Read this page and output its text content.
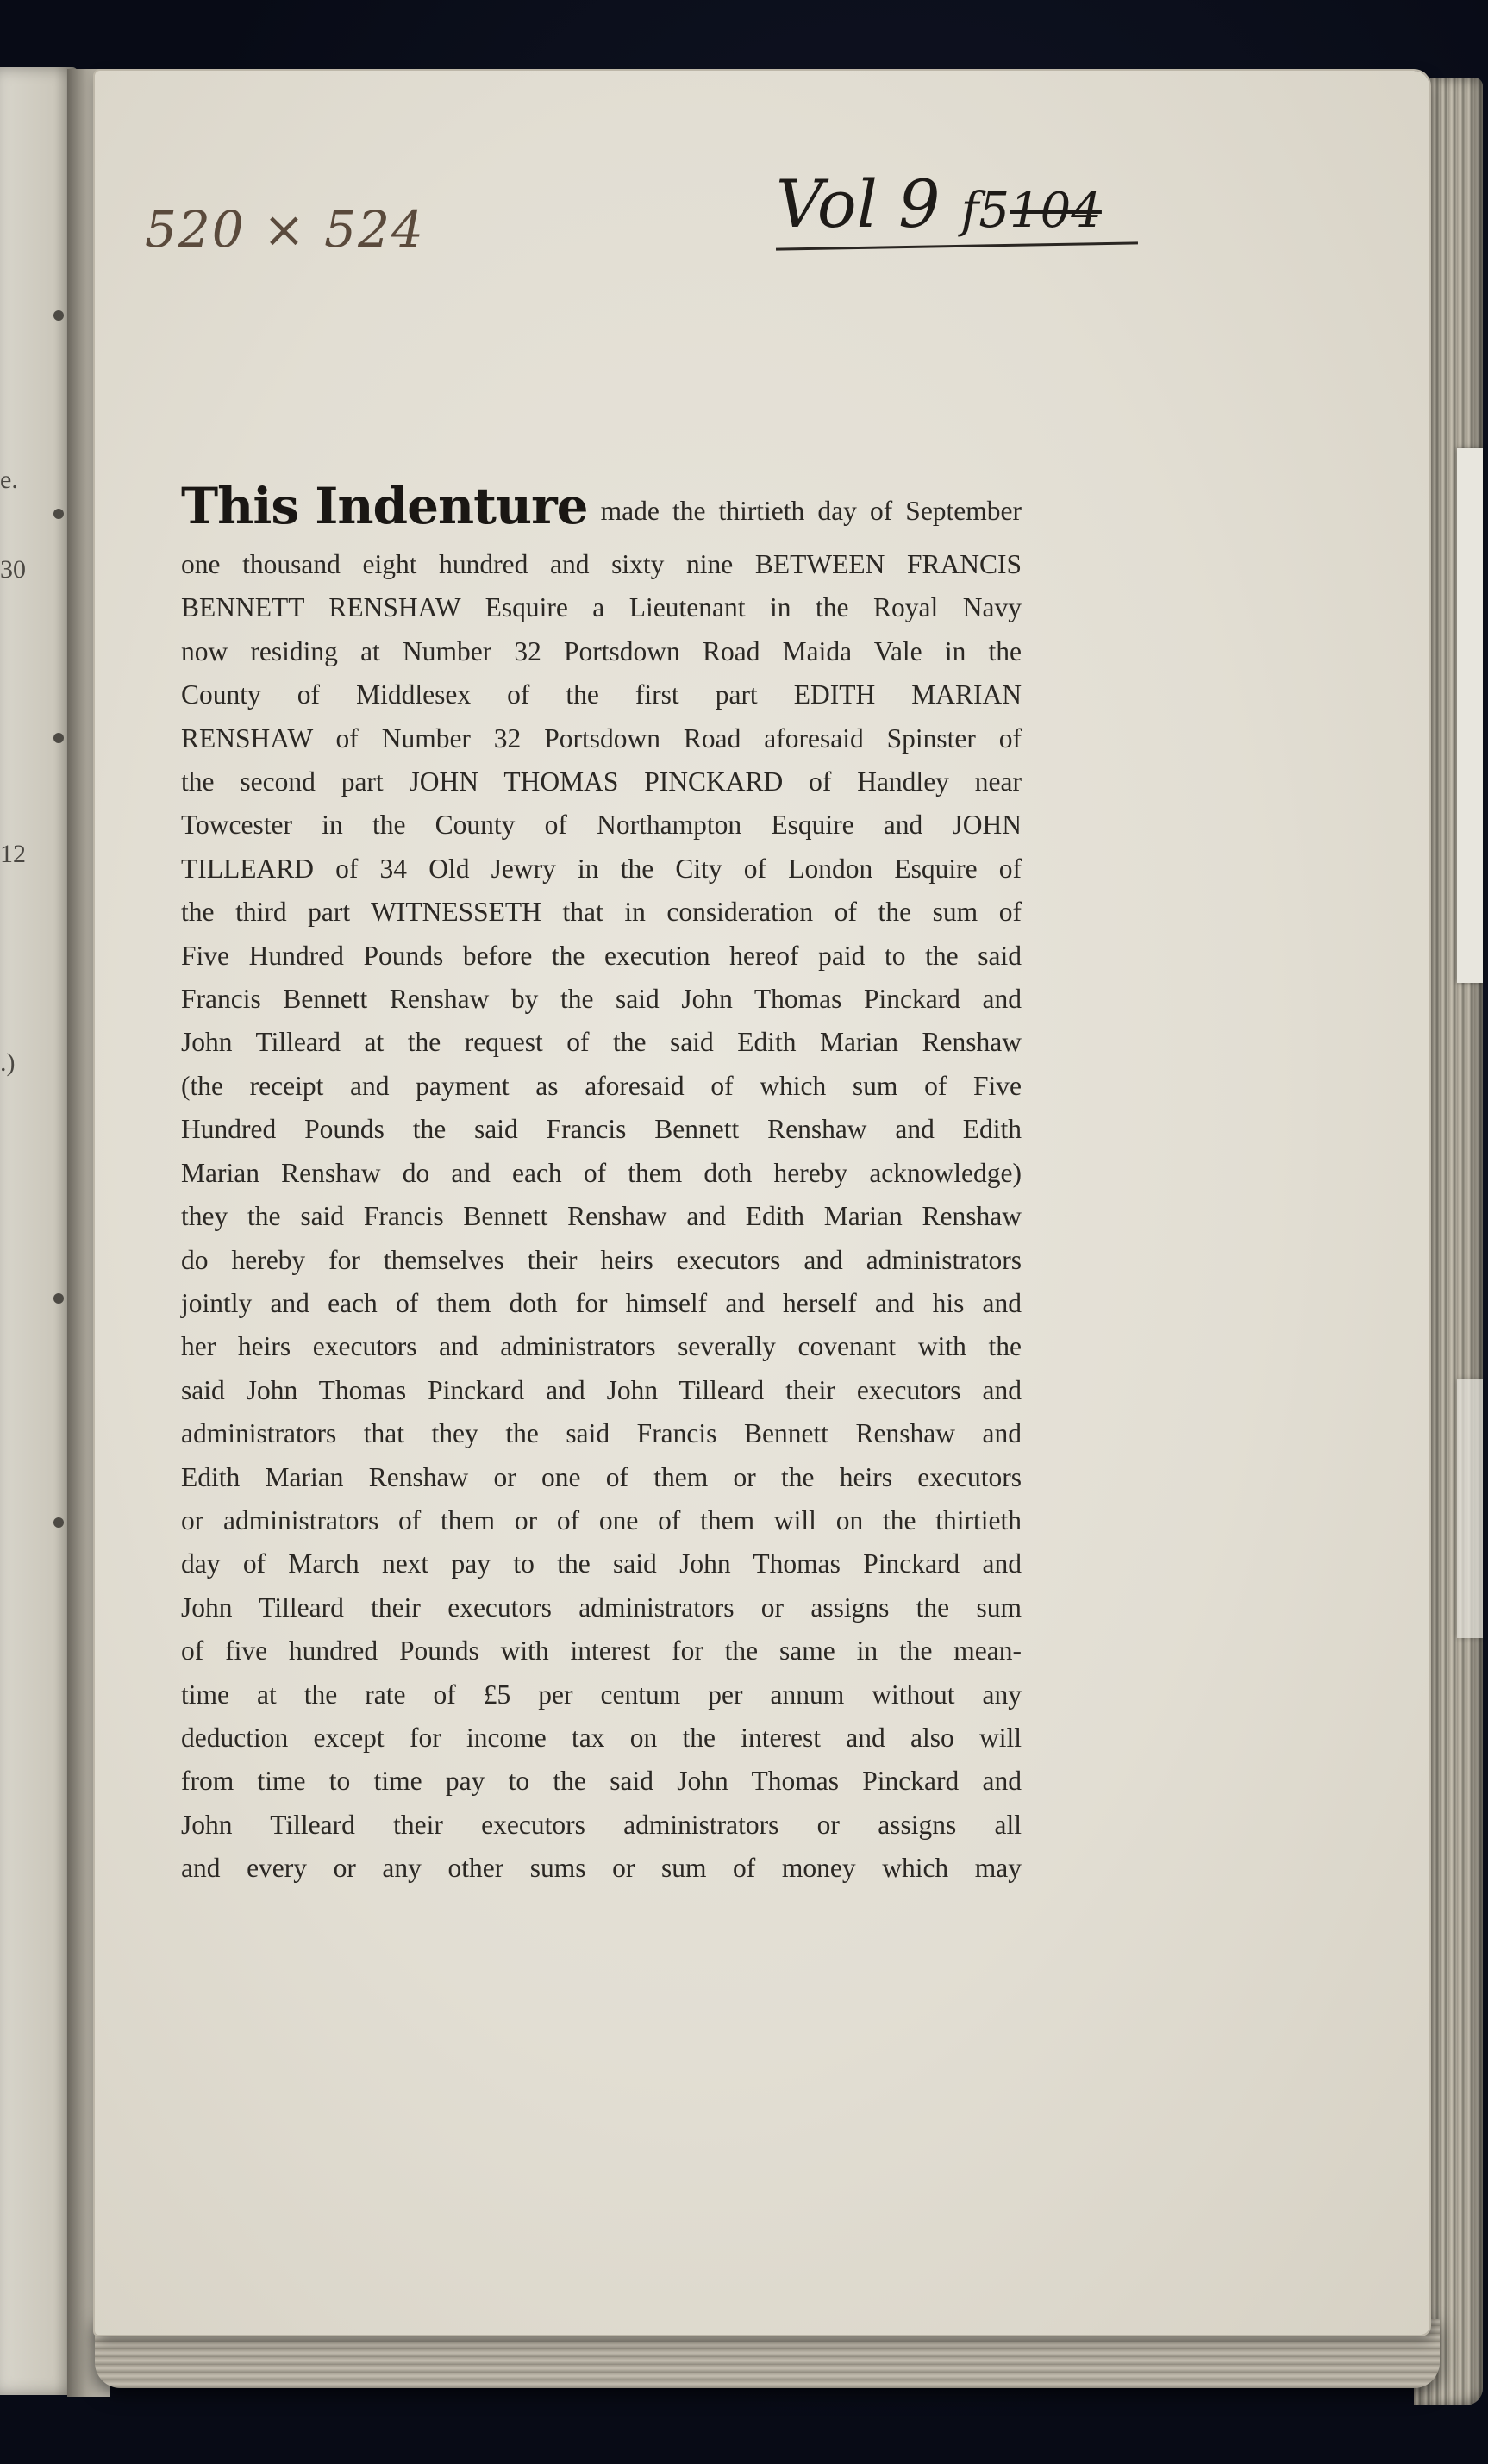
e.
30
12
.)
520 × 524	Vol 9 f5104
This Indenture made the thirtieth day of September
one thousand eight hundred and sixty nine BETWEEN FRANCIS
BENNETT RENSHAW Esquire a Lieutenant in the Royal Navy
now residing at Number 32 Portsdown Road Maida Vale in the
County of Middlesex of the first part EDITH MARIAN
RENSHAW of Number 32 Portsdown Road aforesaid Spinster of
the second part JOHN THOMAS PINCKARD of Handley near
Towcester in the County of Northampton Esquire and JOHN
TILLEARD of 34 Old Jewry in the City of London Esquire of
the third part WITNESSETH that in consideration of the sum of
Five Hundred Pounds before the execution hereof paid to the said
Francis Bennett Renshaw by the said John Thomas Pinckard and
John Tilleard at the request of the said Edith Marian Renshaw
(the receipt and payment as aforesaid of which sum of Five
Hundred Pounds the said Francis Bennett Renshaw and Edith
Marian Renshaw do and each of them doth hereby acknowledge)
they the said Francis Bennett Renshaw and Edith Marian Renshaw
do hereby for themselves their heirs executors and administrators
jointly and each of them doth for himself and herself and his and
her heirs executors and administrators severally covenant with the
said John Thomas Pinckard and John Tilleard their executors and
administrators that they the said Francis Bennett Renshaw and
Edith Marian Renshaw or one of them or the heirs executors
or administrators of them or of one of them will on the thirtieth
day of March next pay to the said John Thomas Pinckard and
John Tilleard their executors administrators or assigns the sum
of five hundred Pounds with interest for the same in the mean-
time at the rate of £5 per centum per annum without any
deduction except for income tax on the interest and also will
from time to time pay to the said John Thomas Pinckard and
John Tilleard their executors administrators or assigns all
and every or any other sums or sum of money which may
